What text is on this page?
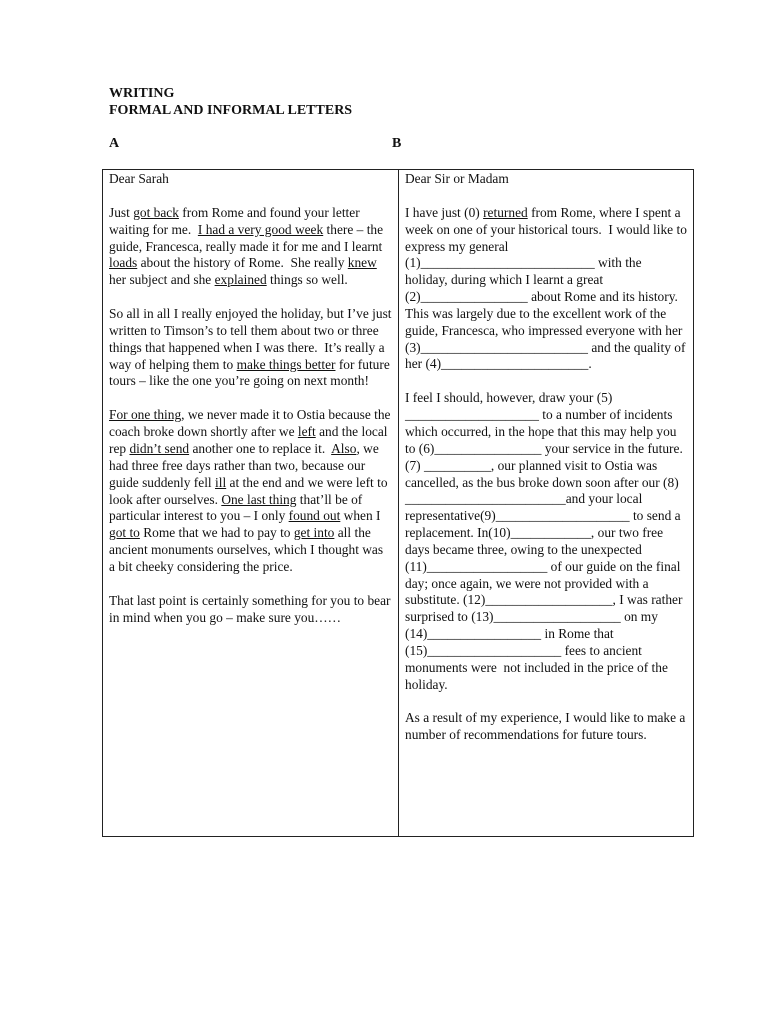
WRITING
FORMAL AND INFORMAL LETTERS
A	B
Dear Sarah
Just got back from Rome and found your letter waiting for me.  I had a very good week there – the guide, Francesca, really made it for me and I learnt loads about the history of Rome.  She really knew her subject and she explained things so well.
So all in all I really enjoyed the holiday, but I’ve just written to Timson’s to tell them about two or three things that happened when I was there.  It’s really a way of helping them to make things better for future tours – like the one you’re going on next month!
For one thing, we never made it to Ostia because the coach broke down shortly after we left and the local rep didn’t send another one to replace it.  Also, we had three free days rather than two, because our guide suddenly fell ill at the end and we were left to look after ourselves. One last thing that’ll be of particular interest to you – I only found out when I got to Rome that we had to pay to get into all the ancient monuments ourselves, which I thought was a bit cheeky considering the price.
That last point is certainly something for you to bear in mind when you go – make sure you……

Dear Sir or Madam
I have just (0) returned from Rome, where I spent a week on one of your historical tours.  I would like to express my general (1)__________________________ with the holiday, during which I learnt a great (2)________________ about Rome and its history.  This was largely due to the excellent work of the guide, Francesca, who impressed everyone with her (3)_________________________ and the quality of her (4)______________________.
I feel I should, however, draw your (5) ____________________ to a number of incidents which occurred, in the hope that this may help you to (6)________________ your service in the future. (7) __________, our planned visit to Ostia was cancelled, as the bus broke down soon after our (8) ________________________and your local representative(9)____________________ to send a replacement. In(10)____________, our two free days became three, owing to the unexpected (11)__________________ of our guide on the final day; once again, we were not provided with a substitute. (12)___________________, I was rather surprised to (13)___________________ on my (14)_________________ in Rome that (15)____________________ fees to ancient monuments were  not included in the price of the holiday.
As a result of my experience, I would like to make a number of recommendations for future tours.
